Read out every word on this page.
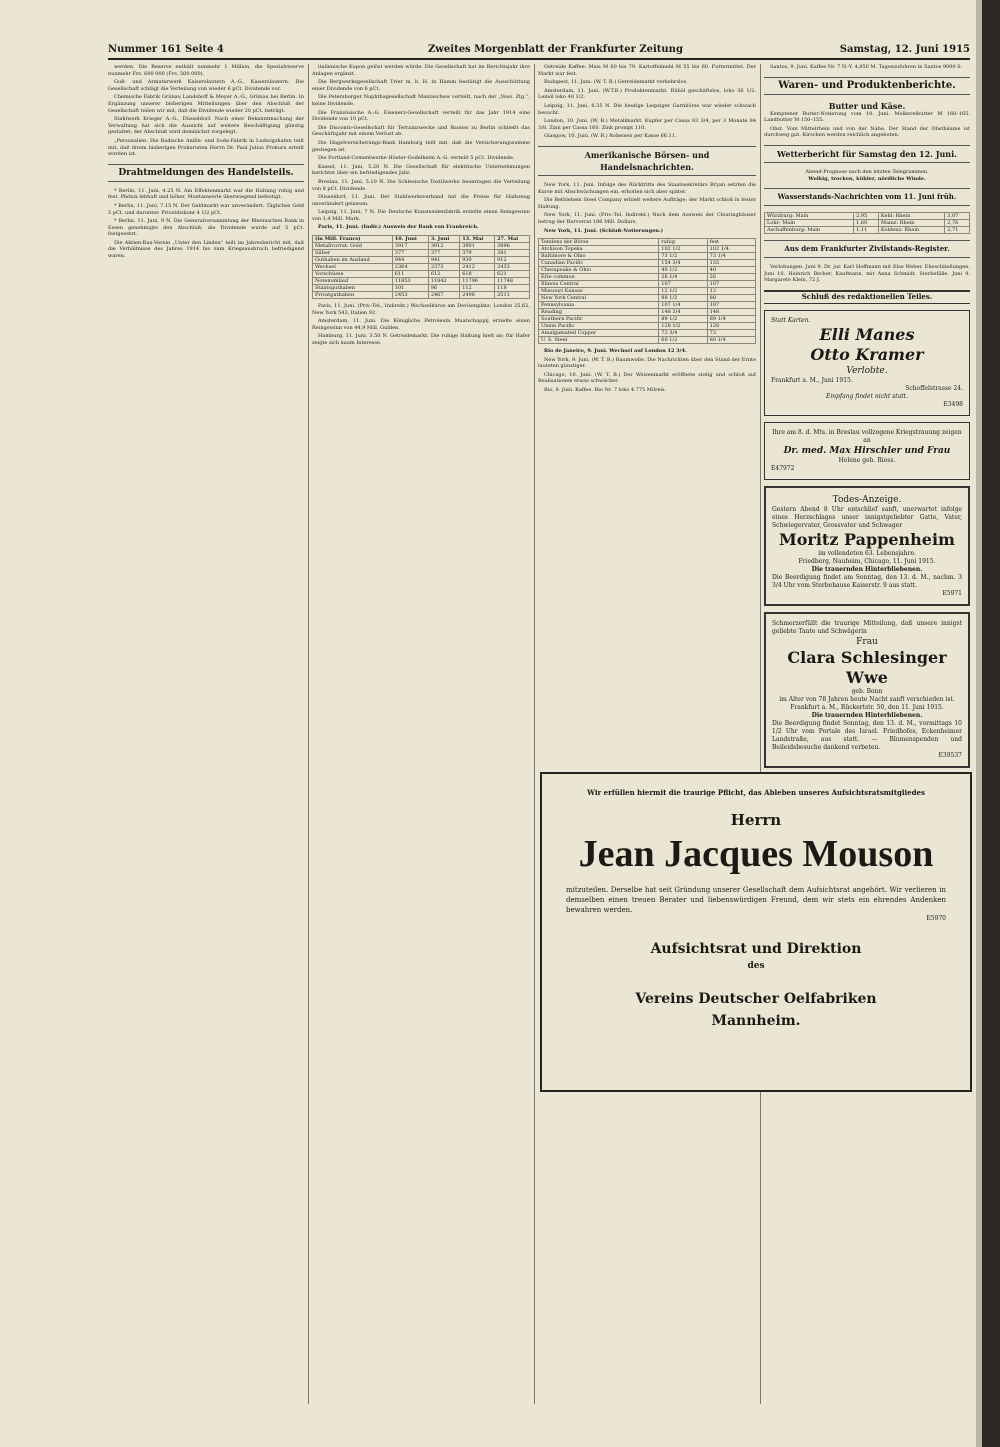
Nummer 161 Seite 4	Zweites Morgenblatt der Frankfurter Zeitung	Samstag, 12. Juni 1915

werden. Die Reserve enthält nunmehr 1 Million, die Spezialreserve nunmehr Frs. 600 000 (Frs. 500 000).

Guß- und Armaturwerk Kaiserslautern A.-G., Kaiserslautern. Die Gesellschaft schlägt die Verteilung von wieder 6 pCt. Dividende vor.

Chemische Fabrik Grünau Landshoff & Meyer A.-G., Grünau bei Berlin. In Ergänzung unserer bisherigen Mitteilungen über den Abschluß der Gesellschaft teilen wir mit, daß die Dividende wieder 20 pCt. beträgt.

Stahlwerk Krieger A.-G., Düsseldorf. Nach einer Bekanntmachung der Verwaltung hat sich die Aussicht auf weitere Beschäftigung günstig gestaltet; der Abschluß wird demnächst vorgelegt.

„Personalien. Die Badische Anilin- und Soda-Fabrik in Ludwigshafen teilt mit, daß ihrem bisherigen Prokuristen Herrn Dr. Paul Julius Prokura erteilt worden ist.

Drahtmeldungen des Handelsteils.

* Berlin, 11. Juni, 4.25 N. Am Effektenmarkt war die Haltung ruhig und fest. Phönix lebhaft und höher, Montanwerte überwiegend befestigt.

* Berlin, 11. Juni, 7.15 N. Der Geldmarkt war unverändert. Tägliches Geld 5 pCt. und darunter. Privatdiskont 4 1/2 pCt.

* Berlin, 11. Juni, 9 N. Die Generalversammlung der Rheinischen Bank in Essen genehmigte den Abschluß; die Dividende wurde auf 5 pCt. festgesetzt.

Die Aktien-Bau-Verein „Unter den Linden“ teilt im Jahresbericht mit, daß die Verhältnisse des Jahres 1914 bis zum Kriegsausbruch befriedigend waren.

italienische Kupon gelöst werden würde. Die Gesellschaft hat im Berichtsjahr ihre Anlagen ergänzt.

Die Bergwerksgesellschaft Trier m. b. H. in Hamm bestätigt die Ausschüttung einer Dividende von 6 pCt.

Die Petersburger Naphthagesellschaft Mantaschew verteilt, nach der „Voss. Ztg.“, keine Dividende.

Die Französische A.-G. Eisenerz-Gesellschaft verteilt für das Jahr 1914 eine Dividende von 10 pCt.

Die Disconto-Gesellschaft für Terrainzwecke und Bauten zu Berlin schließt das Geschäftsjahr mit einem Verlust ab.

Die Hagelversicherungs-Bank Hamburg teilt mit, daß die Versicherungssumme gestiegen ist.

Die Portland-Cementwerke Höxter-Godelheim A.-G. verteilt 5 pCt. Dividende.

Kassel, 11. Juni, 5.20 N. Die Gesellschaft für elektrische Unternehmungen berichtet über ein befriedigendes Jahr.

Breslau, 11. Juni, 5.10 N. Die Schlesische Textilwerke beantragen die Verteilung von 8 pCt. Dividende.

Düsseldorf, 11. Juni. Der Stahlwerksverband hat die Preise für Halbzeug unverändert gelassen.

Leipzig, 11. Juni, 7 N. Die Deutsche Kunstseidenfabrik erzielte einen Reingewinn von 1,4 Mill. Mark.

Paris, 11. Juni. (Indir.) Ausweis der Bank von Frankreich.

(in Mill. Francs)	10. Juni	3. Juni	13. Mai	27. Mai
Metallvorrat: Gold	3917	3912	3901	3896
Silber	377	377	379	381
Guthaben im Ausland	944	941	930	912
Wechsel	2364	2373	2412	2433
Vorschüsse	611	612	618	621
Notenumlauf	11853	11842	11796	11748
Staatsguthaben	101	96	112	118
Privatguthaben	2453	2467	2496	2511

Paris, 11. Juni. (Priv.-Tel., Indirekt.) Wechselkurse am Devisenplatz: London 25,62, New York 543, Italien 92.

Amsterdam, 11. Juni. Die Königliche Petroleum Maatschappij erzielte einen Reingewinn von 44,9 Mill. Gulden.

Hamburg, 11. Juni, 3.50 N. Getreidemarkt. Die ruhige Haltung hielt an; für Hafer zeigte sich kaum Interesse.

Getreide Kaffee: Mais M 80 bis 79. Kartoffelmehl M 55 bis 60. Futtermittel. Der Markt war fest.

Budapest, 11. Juni. (W. T. B.) Getreidemarkt verkehrslos.

Amsterdam, 11. Juni. (W.T.B.) Produktenmarkt. Rüböl geschäftslos, loko 36 1/2. Leinöl loko 48 1/2.

Leipzig, 11. Juni, 6.35 N. Die heutige Leipziger Garnbörse war wieder schwach besucht.

London, 10. Juni. (W. B.) Metallmarkt. Kupfer per Cassa 83 3/4, per 3 Monate 84 3/8. Zinn per Cassa 160. Zink prompt 110.

Glasgow, 10. Juni. (W. B.) Roheisen per Kasse 66.11.

Amerikanische Börsen- und Handelsnachrichten.

New York, 11. Juni. Infolge des Rücktritts des Staatssekretärs Bryan setzten die Kurse mit Abschwächungen ein, erholten sich aber später.

Die Bethlehem Steel Company erhielt weitere Aufträge; der Markt schloß in fester Haltung.

New York, 11. Juni. (Priv.-Tel. Indirekt.) Nach dem Ausweis der Clearinghäuser betrug der Barvorrat 186 Mill. Dollars.

New York, 11. Juni. (Schluß-Notierungen.)

Tendenz der Börse	ruhig	fest
Atchison Topeka	102 1/2	102 1/4
Baltimore & Ohio	73 1/2	73 1/4
Canadian Pacific	154 3/4	155
Chesapeake & Ohio	40 1/2	40
Erie common	26 1/4	26
Illinois Central	107	107
Missouri Kansas	12 1/2	12
New York Central	88 1/2	88
Pennsylvania	107 1/4	107
Reading	148 3/4	148
Southern Pacific	89 1/2	89 1/4
Union Pacific	128 1/2	128
Amalgamated Copper	72 3/4	73
U. S. Steel	60 1/2	60 1/4

Rio de Janeiro, 9. Juni. Wechsel auf London 12 3/4.

New York, 9. Juni. (W. T. B.) Baumwolle. Die Nachrichten über den Stand der Ernte lauteten günstiger.

Chicago, 10. Juni. (W. T. B.) Der Weizenmarkt eröffnete stetig und schloß auf Realisationen etwas schwächer.

Rio, 9. Juni. Kaffee. Rio Nr. 7 loko 4.775 Milreis.

Santos, 9. Juni. Kaffee Nr. 7 N.-Y. 4,850 M. Tageszufuhren in Santos 9000 S.

Waren- und Produktenberichte.
Butter und Käse.

Kemptener Butter-Notierung vom 10. Juni. Molkereibutter M 160–165. Landbutter M 150–155.

Obst. Vom Mittelrhein und von der Nahe. Der Stand der Obstbäume ist durchweg gut. Kirschen werden reichlich angeboten.

Wetterbericht für Samstag den 12. Juni.
Abend-Prognose nach den letzten Telegrammen.
Wolkig, trocken, kühler, nördliche Winde.
Wasserstands-Nachrichten vom 11. Juni früh.
Würzburg: Main	2,95	Kehl: Rhein	3,07
Lohr: Main	1,60	Mainz: Rhein	2,76
Aschaffenburg: Main	1,11	Koblenz: Rhein	2,71
Aus dem Frankfurter Zivilstands-Register.

Verlobungen. Juni 9. Dr. jur. Karl Hoffmann mit Else Weber. Eheschließungen. Juni 10. Heinrich Becker, Kaufmann, mit Anna Schmidt. Sterbefälle. Juni 9. Margarete Klein, 72 J.

Schluß des redaktionellen Teiles.
Statt Karten.
Elli Manes
Otto Kramer
Verlobte.
Frankfurt a. M., Juni 1915.
Schoffelstrasse 24.
Empfang findet nicht statt.
E3498
Ihre am 8. d. Mts. in Breslau vollzogene Kriegstrauung zeigen an
Dr. med. Max Hirschler und Frau
Helene geb. Riess.
E47972
Todes-Anzeige.
Gestern Abend 8 Uhr entschlief sanft, unerwartet infolge eines Herzschlages unser innigstgeliebter Gatte, Vater, Schwiegervater, Grossvater und Schwager
Moritz Pappenheim
im vollendeten 63. Lebensjahre.
Friedberg, Nauheim, Chicago, 11. Juni 1915.
Die trauernden Hinterbliebenen.
Die Beerdigung findet am Sonntag, den 13. d. M., nachm. 3 3/4 Uhr vom Sterbehause Kaiserstr. 9 aus statt.
E5971
Schmerzerfüllt die traurige Mitteilung, daß unsere innigst geliebte Tante und Schwägerin
Frau
Clara Schlesinger Wwe
geb. Bonn
im Alter von 78 Jahren heute Nacht sanft verschieden ist.
Frankfurt a. M., Rückertstr. 50, den 11. Juni 1915.
Die trauernden Hinterbliebenen.
Die Beerdigung findet Sonntag, den 13. d. M., vormittags 10 1/2 Uhr vom Portale des Israel. Friedhofes, Eckenheimer Landstraße, aus statt. — Blumenspenden und Beileidsbesuche dankend verbeten.
E39537
Wir erfüllen hiermit die traurige Pflicht, das Ableben unseres Aufsichtsratsmitgliedes
Herrn
Jean Jacques Mouson
mitzuteilen. Derselbe hat seit Gründung unserer Gesellschaft dem Aufsichtsrat angehört. Wir verlieren in demselben einen treuen Berater und liebenswürdigen Freund, dem wir stets ein ehrendes Andenken bewahren werden.
E5970
Aufsichtsrat und Direktion
des
Vereins Deutscher Oelfabriken
Mannheim.
